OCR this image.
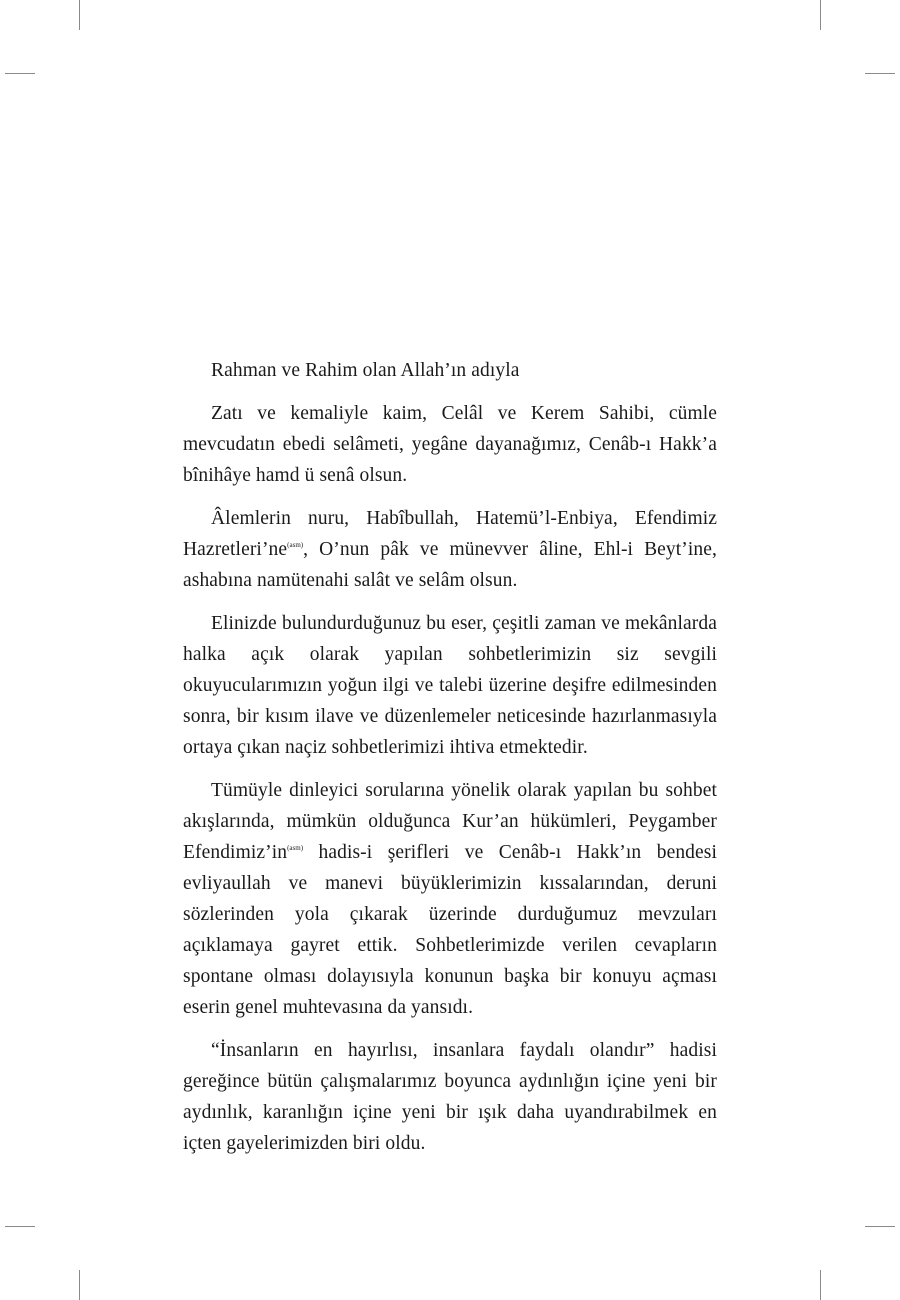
Rahman ve Rahim olan Allah’ın adıyla

Zatı ve kemaliyle kaim, Celâl ve Kerem Sahibi, cümle mevcudatın ebedi selâmeti, yegâne dayanağımız, Cenâb-ı Hakk’a bînihâye hamd ü senâ olsun.

Âlemlerin nuru, Habîbullah, Hatemü’l-Enbiya, Efendimiz $Hazretleri’ne^{(asm)}$, O’nun pâk ve münevver âline, Ehl-i Beyt’ine, ashabına namütenahi salât ve selâm olsun.

Elinizde bulundurduğunuz bu eser, çeşitli zaman ve mekânlarda halka açık olarak yapılan sohbetlerimizin siz sevgili okuyucularımızın yoğun ilgi ve talebi üzerine deşifre edilmesinden sonra, bir kısım ilave ve düzenlemeler neticesinde hazırlanmasıyla ortaya çıkan naçiz sohbetlerimizi ihtiva etmektedir.

Tümüyle dinleyici sorularına yönelik olarak yapılan bu sohbet akışlarında, mümkün olduğunca Kur’an hükümleri, Peygamber $Efendimiz’in^{(asm)}$ hadis-i şerifleri ve Cenâb-ı Hakk’ın bendesi evliyaullah ve manevi büyüklerimizin kıssalarından, deruni sözlerinden yola çıkarak üzerinde durduğumuz mevzuları açıklamaya gayret ettik. Sohbetlerimizde verilen cevapların spontane olması dolayısıyla konunun başka bir konuyu açması eserin genel muhtevasına da yansıdı.

“İnsanların en hayırlısı, insanlara faydalı olandır” hadisi gereğince bütün çalışmalarımız boyunca aydınlığın içine yeni bir aydınlık, karanlığın içine yeni bir ışık daha uyandırabilmek en içten gayelerimizden biri oldu.
